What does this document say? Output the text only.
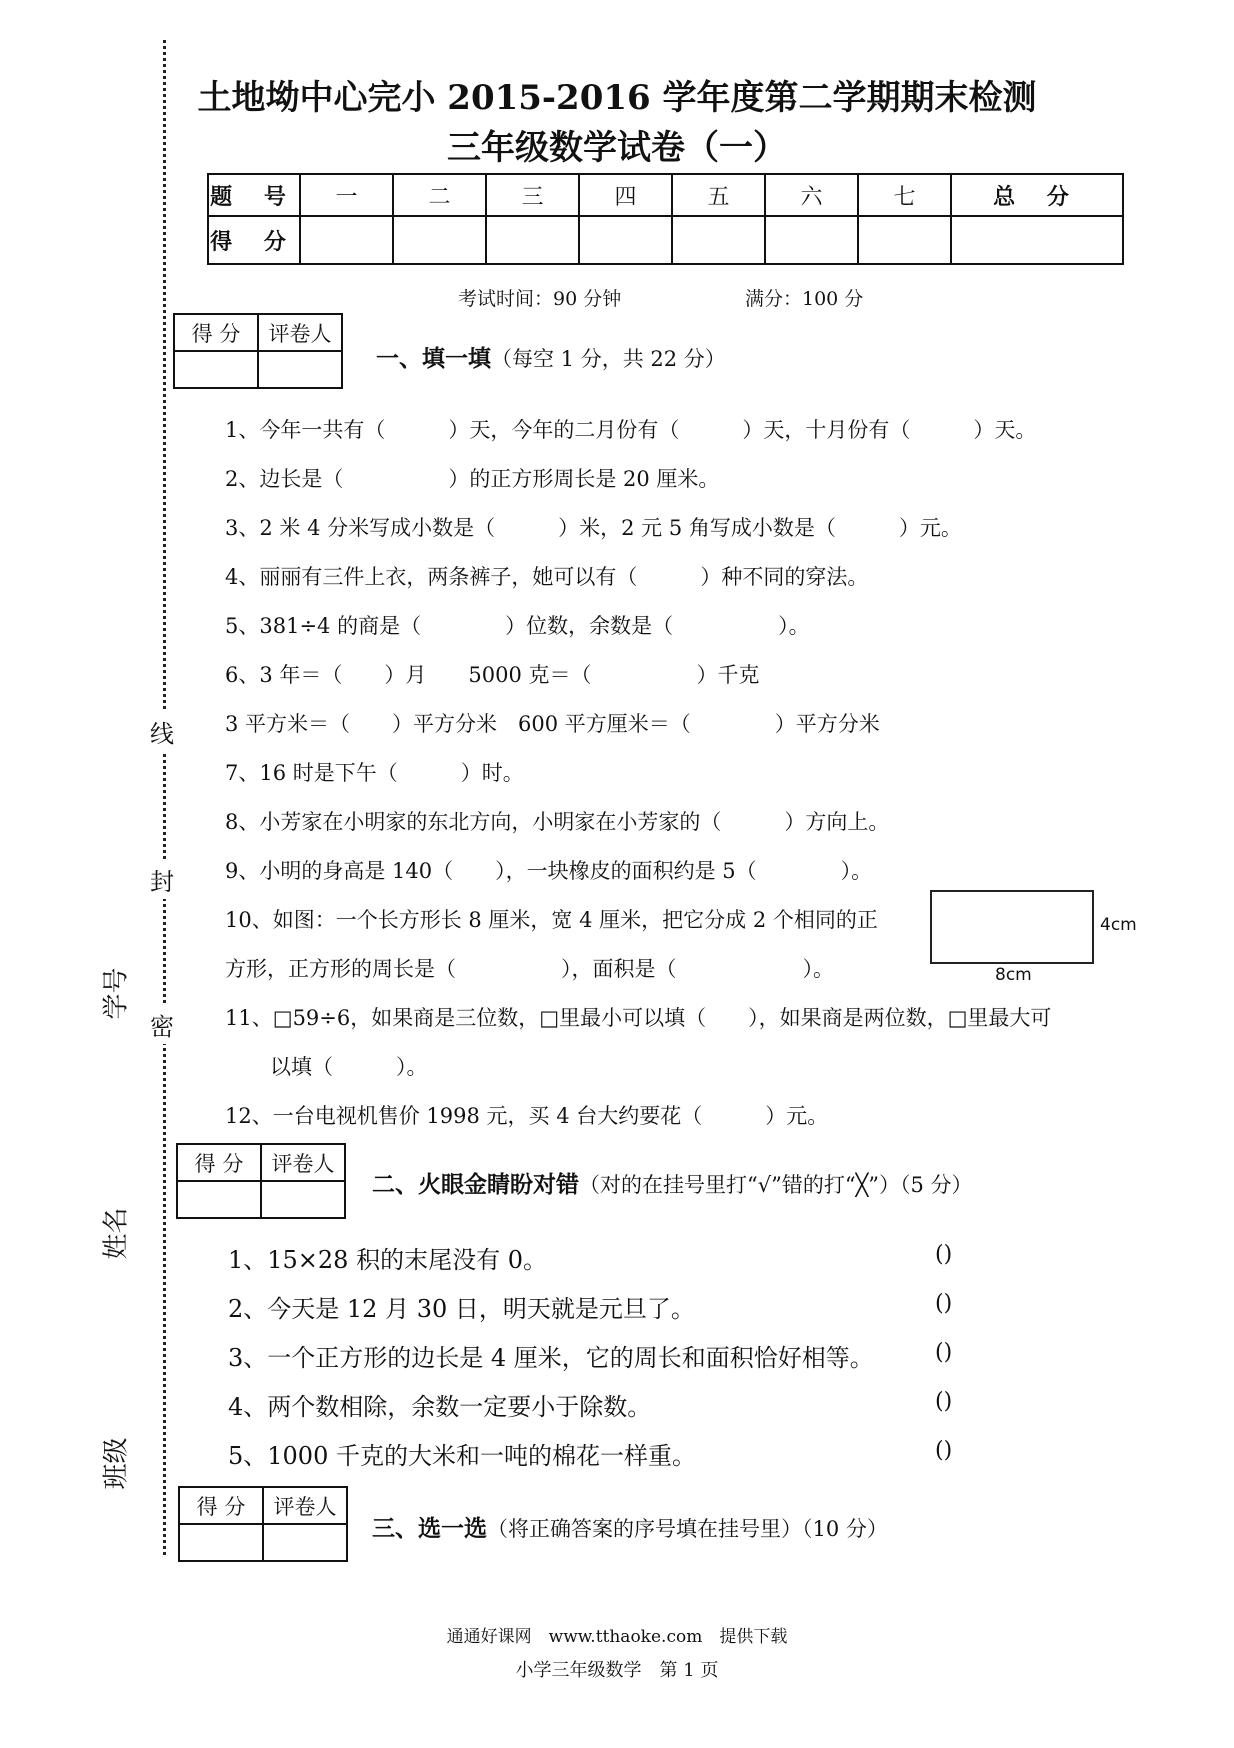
线
封
密
学号
姓名
班级
土地坳中心完小 2015-2016 学年度第二学期期末检测
三年级数学试卷（一）
题 号	一	二	三	四	五	六	七	总 分
得 分								
考试时间：90 分钟	满分：100 分
得 分	评卷人

一、填一填（每空 1 分，共 22 分）
1、今年一共有（　　　）天，今年的二月份有（　　　）天，十月份有（　　　）天。
2、边长是（　　　　　）的正方形周长是 20 厘米。
3、2 米 4 分米写成小数是（　　　）米，2 元 5 角写成小数是（　　　）元。
4、丽丽有三件上衣，两条裤子，她可以有（　　　）种不同的穿法。
5、381÷4 的商是（　　　　）位数，余数是（　　　　　）。
6、3 年＝（　　）月　　5000 克＝（　　　　　）千克
3 平方米＝（　　）平方分米　600 平方厘米＝（　　　　）平方分米
7、16 时是下午（　　　）时。
8、小芳家在小明家的东北方向，小明家在小芳家的（　　　）方向上。
9、小明的身高是 140（　　），一块橡皮的面积约是 5（　　　　）。
10、如图：一个长方形长 8 厘米，宽 4 厘米，把它分成 2 个相同的正
方形，正方形的周长是（　　　　　），面积是（　　　　　　）。
11、□59÷6，如果商是三位数，□里最小可以填（　　），如果商是两位数，□里最大可
以填（　　　）。
12、一台电视机售价 1998 元，买 4 台大约要花（　　　）元。
4cm
8cm
得 分	评卷人

二、火眼金睛盼对错（对的在挂号里打“√”错的打“╳”）（5 分）
1、15×28 积的末尾没有 0。
2、今天是 12 月 30 日，明天就是元旦了。
3、一个正方形的边长是 4 厘米，它的周长和面积恰好相等。
4、两个数相除，余数一定要小于除数。
5、1000 千克的大米和一吨的棉花一样重。
()
()
()
()
()
得 分	评卷人

三、选一选（将正确答案的序号填在挂号里）（10 分）
通通好课网　www.tthaoke.com　提供下载
小学三年级数学　第 1 页
